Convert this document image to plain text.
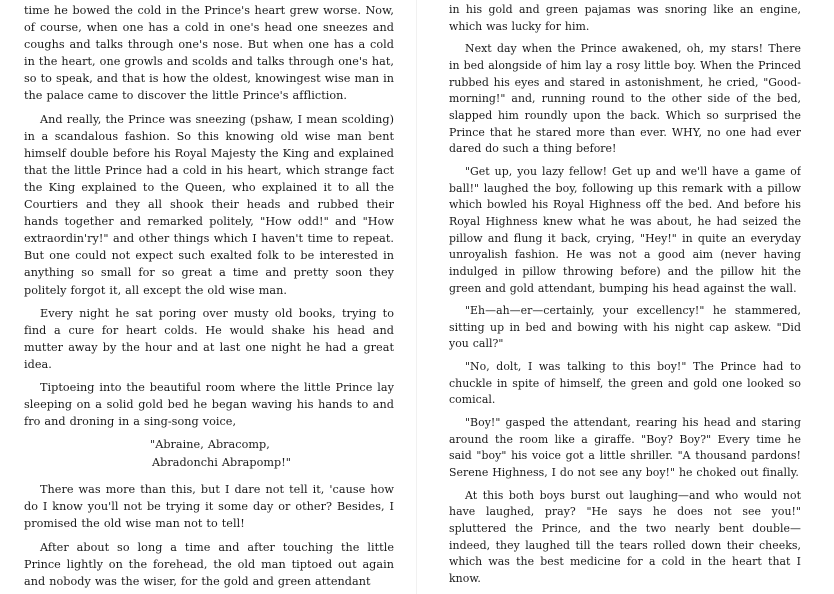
time he bowed the cold in the Prince's heart grew worse. Now, of course, when one has a cold in one's head one sneezes and coughs and talks through one's nose. But when one has a cold in the heart, one growls and scolds and talks through one's hat, so to speak, and that is how the oldest, knowingest wise man in the palace came to discover the little Prince's affliction.

And really, the Prince was sneezing (pshaw, I mean scolding) in a scandalous fashion. So this knowing old wise man bent himself double before his Royal Majesty the King and explained that the little Prince had a cold in his heart, which strange fact the King explained to the Queen, who explained it to all the Courtiers and they all shook their heads and rubbed their hands together and remarked politely, "How odd!" and "How extraordin'ry!" and other things which I haven't time to repeat. But one could not expect such exalted folk to be interested in anything so small for so great a time and pretty soon they politely forgot it, all except the old wise man.

Every night he sat poring over musty old books, trying to find a cure for heart colds. He would shake his head and mutter away by the hour and at last one night he had a great idea.

Tiptoeing into the beautiful room where the little Prince lay sleeping on a solid gold bed he began waving his hands to and fro and droning in a sing-song voice,

"Abraine, Abracomp,
Abradonchi Abrapomp!"

There was more than this, but I dare not tell it, 'cause how do I know you'll not be trying it some day or other? Besides, I promised the old wise man not to tell!

After about so long a time and after touching the little Prince lightly on the forehead, the old man tiptoed out again and nobody was the wiser, for the gold and green attendant

in his gold and green pajamas was snoring like an engine, which was lucky for him.

Next day when the Prince awakened, oh, my stars! There in bed alongside of him lay a rosy little boy. When the Princed rubbed his eyes and stared in astonishment, he cried, "Good-morning!" and, running round to the other side of the bed, slapped him roundly upon the back. Which so surprised the Prince that he stared more than ever. WHY, no one had ever dared do such a thing before!

"Get up, you lazy fellow! Get up and we'll have a game of ball!" laughed the boy, following up this remark with a pillow which bowled his Royal Highness off the bed. And before his Royal Highness knew what he was about, he had seized the pillow and flung it back, crying, "Hey!" in quite an everyday unroyalish fashion. He was not a good aim (never having indulged in pillow throwing before) and the pillow hit the green and gold attendant, bumping his head against the wall.

"Eh—ah—er—certainly, your excellency!" he stammered, sitting up in bed and bowing with his night cap askew. "Did you call?"

"No, dolt, I was talking to this boy!" The Prince had to chuckle in spite of himself, the green and gold one looked so comical.

"Boy!" gasped the attendant, rearing his head and staring around the room like a giraffe. "Boy? Boy?" Every time he said "boy" his voice got a little shriller. "A thousand pardons! Serene Highness, I do not see any boy!" he choked out finally.

At this both boys burst out laughing—and who would not have laughed, pray? "He says he does not see you!" spluttered the Prince, and the two nearly bent double—indeed, they laughed till the tears rolled down their cheeks, which was the best medicine for a cold in the heart that I know.
